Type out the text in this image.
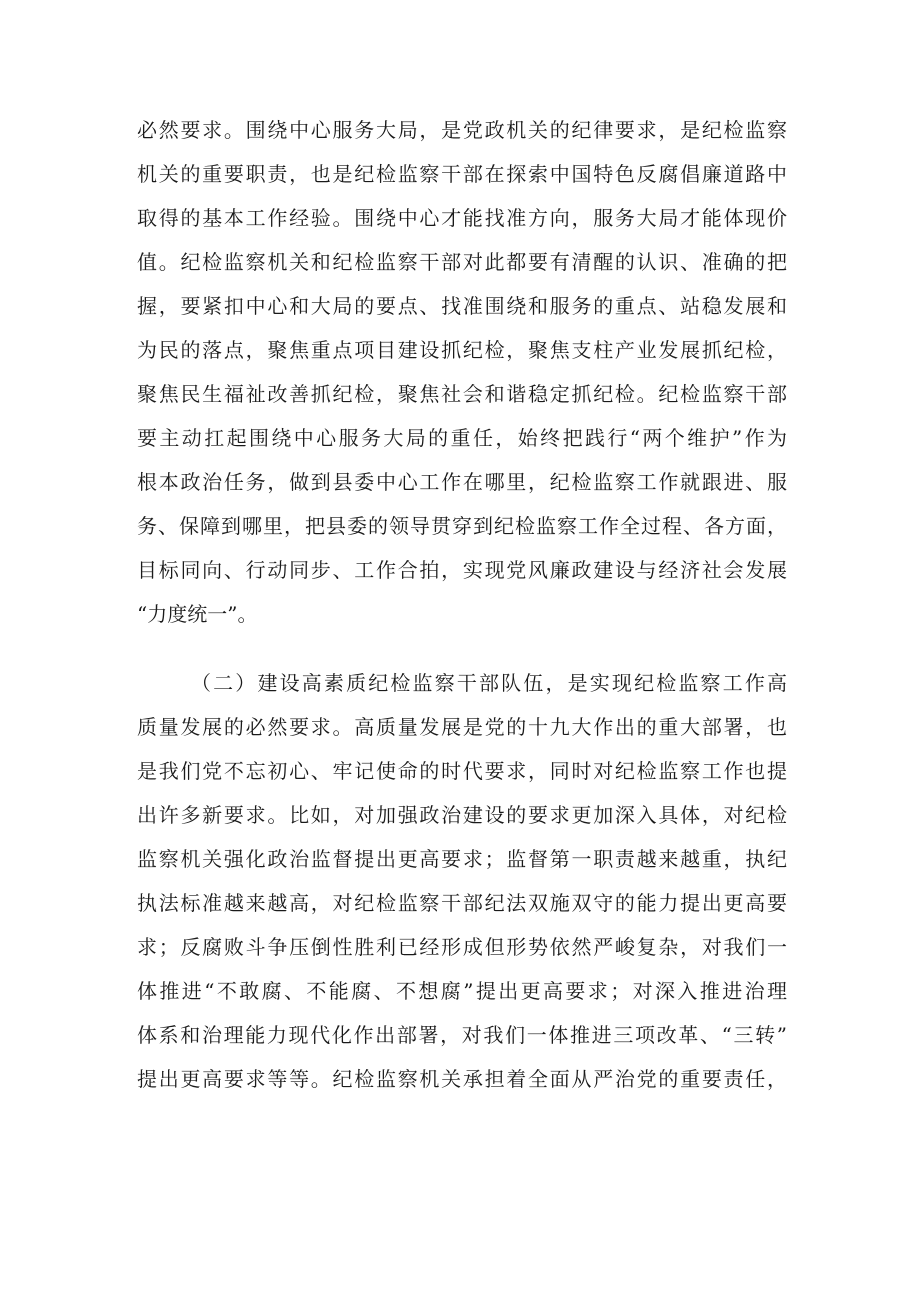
必然要求。围绕中心服务大局，是党政机关的纪律要求，是纪检监察
机关的重要职责，也是纪检监察干部在探索中国特色反腐倡廉道路中
取得的基本工作经验。围绕中心才能找准方向，服务大局才能体现价
值。纪检监察机关和纪检监察干部对此都要有清醒的认识、准确的把
握，要紧扣中心和大局的要点、找准围绕和服务的重点、站稳发展和
为民的落点，聚焦重点项目建设抓纪检，聚焦支柱产业发展抓纪检，
聚焦民生福祉改善抓纪检，聚焦社会和谐稳定抓纪检。纪检监察干部
要主动扛起围绕中心服务大局的重任，始终把践行“两个维护”作为
根本政治任务，做到县委中心工作在哪里，纪检监察工作就跟进、服
务、保障到哪里，把县委的领导贯穿到纪检监察工作全过程、各方面，
目标同向、行动同步、工作合拍，实现党风廉政建设与经济社会发展
“力度统一”。
（二）建设高素质纪检监察干部队伍，是实现纪检监察工作高
质量发展的必然要求。高质量发展是党的十九大作出的重大部署，也
是我们党不忘初心、牢记使命的时代要求，同时对纪检监察工作也提
出许多新要求。比如，对加强政治建设的要求更加深入具体，对纪检
监察机关强化政治监督提出更高要求；监督第一职责越来越重，执纪
执法标准越来越高，对纪检监察干部纪法双施双守的能力提出更高要
求；反腐败斗争压倒性胜利已经形成但形势依然严峻复杂，对我们一
体推进“不敢腐、不能腐、不想腐”提出更高要求；对深入推进治理
体系和治理能力现代化作出部署，对我们一体推进三项改革、“三转”
提出更高要求等等。纪检监察机关承担着全面从严治党的重要责任，
